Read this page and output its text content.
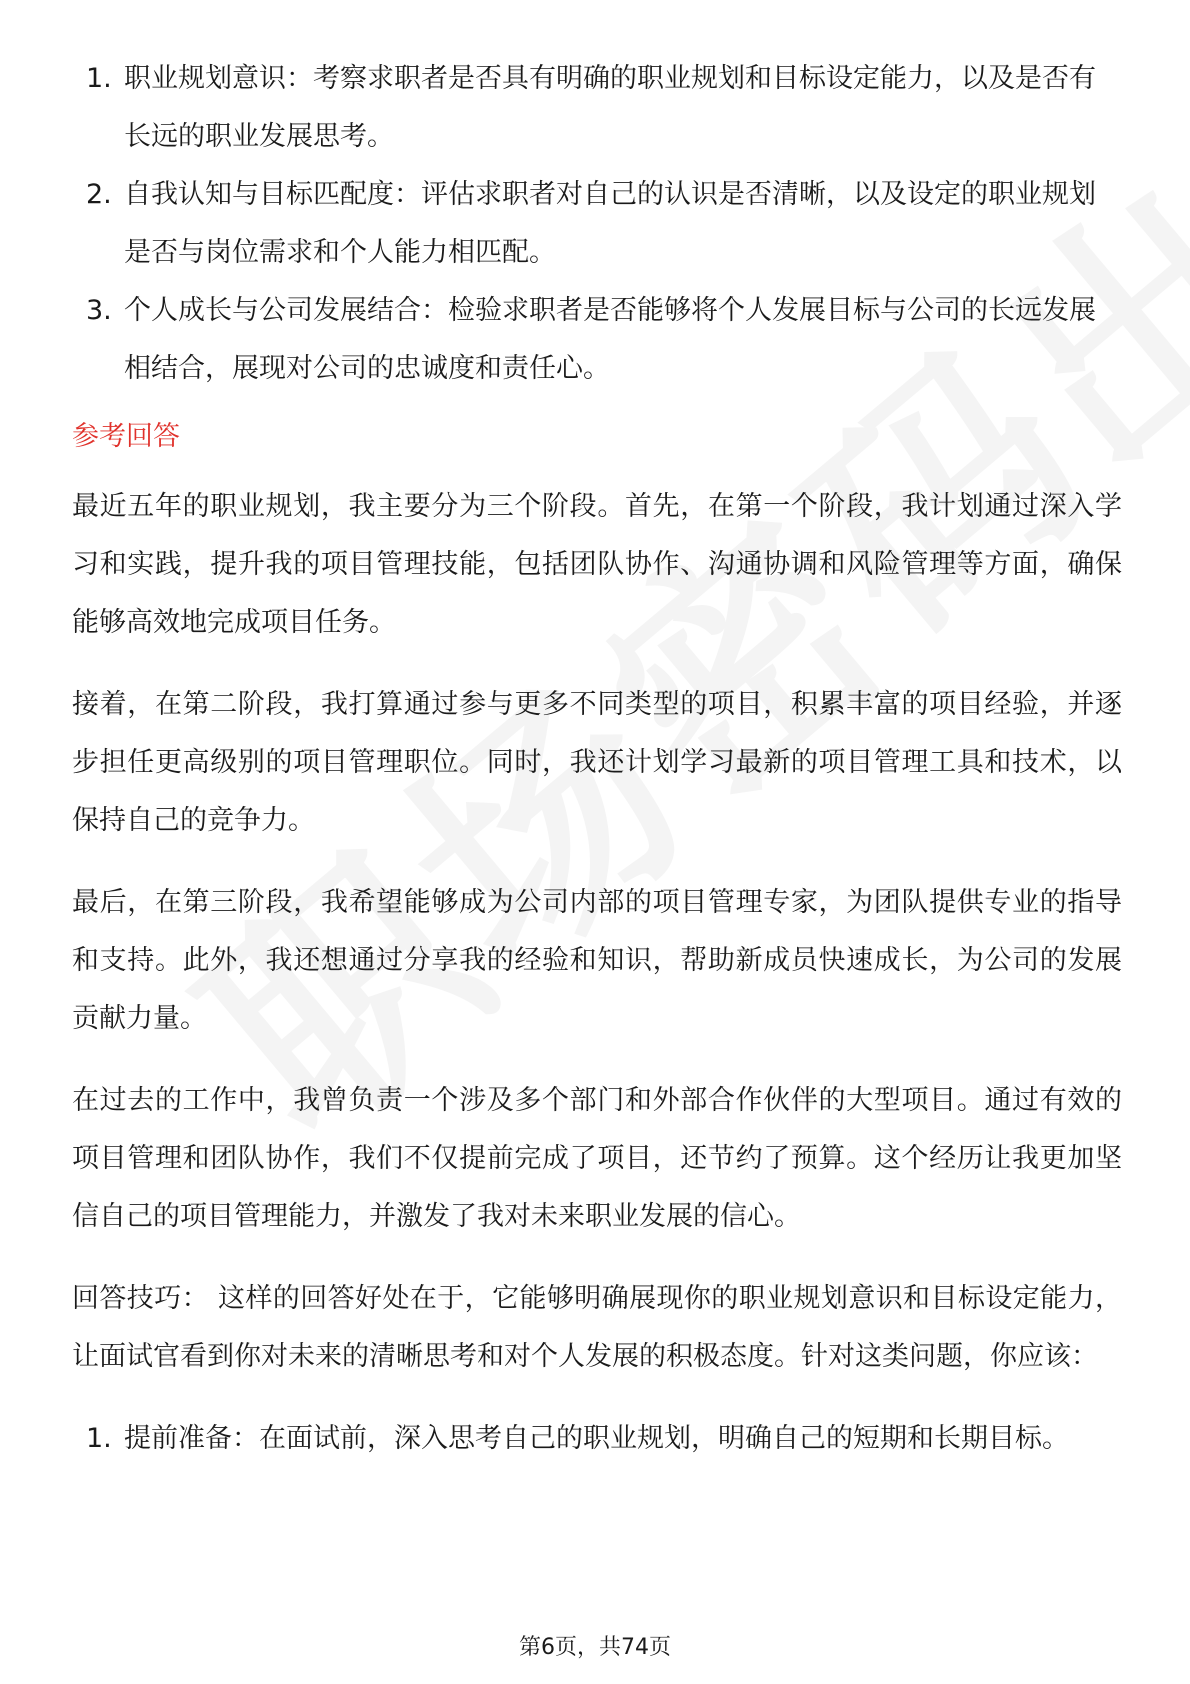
1. 职业规划意识：考察求职者是否具有明确的职业规划和目标设定能力，以及是否有长远的职业发展思考。
2. 自我认知与目标匹配度：评估求职者对自己的认识是否清晰，以及设定的职业规划是否与岗位需求和个人能力相匹配。
3. 个人成长与公司发展结合：检验求职者是否能够将个人发展目标与公司的长远发展相结合，展现对公司的忠诚度和责任心。
参考回答

最近五年的职业规划，我主要分为三个阶段。首先，在第一个阶段，我计划通过深入学习和实践，提升我的项目管理技能，包括团队协作、沟通协调和风险管理等方面，确保能够高效地完成项目任务。

接着，在第二阶段，我打算通过参与更多不同类型的项目，积累丰富的项目经验，并逐步担任更高级别的项目管理职位。同时，我还计划学习最新的项目管理工具和技术，以保持自己的竞争力。

最后，在第三阶段，我希望能够成为公司内部的项目管理专家，为团队提供专业的指导和支持。此外，我还想通过分享我的经验和知识，帮助新成员快速成长，为公司的发展贡献力量。

在过去的工作中，我曾负责一个涉及多个部门和外部合作伙伴的大型项目。通过有效的项目管理和团队协作，我们不仅提前完成了项目，还节约了预算。这个经历让我更加坚信自己的项目管理能力，并激发了我对未来职业发展的信心。

回答技巧： 这样的回答好处在于，它能够明确展现你的职业规划意识和目标设定能力，让面试官看到你对未来的清晰思考和对个人发展的积极态度。针对这类问题，你应该：

1. 提前准备：在面试前，深入思考自己的职业规划，明确自己的短期和长期目标。
第6页，共74页
